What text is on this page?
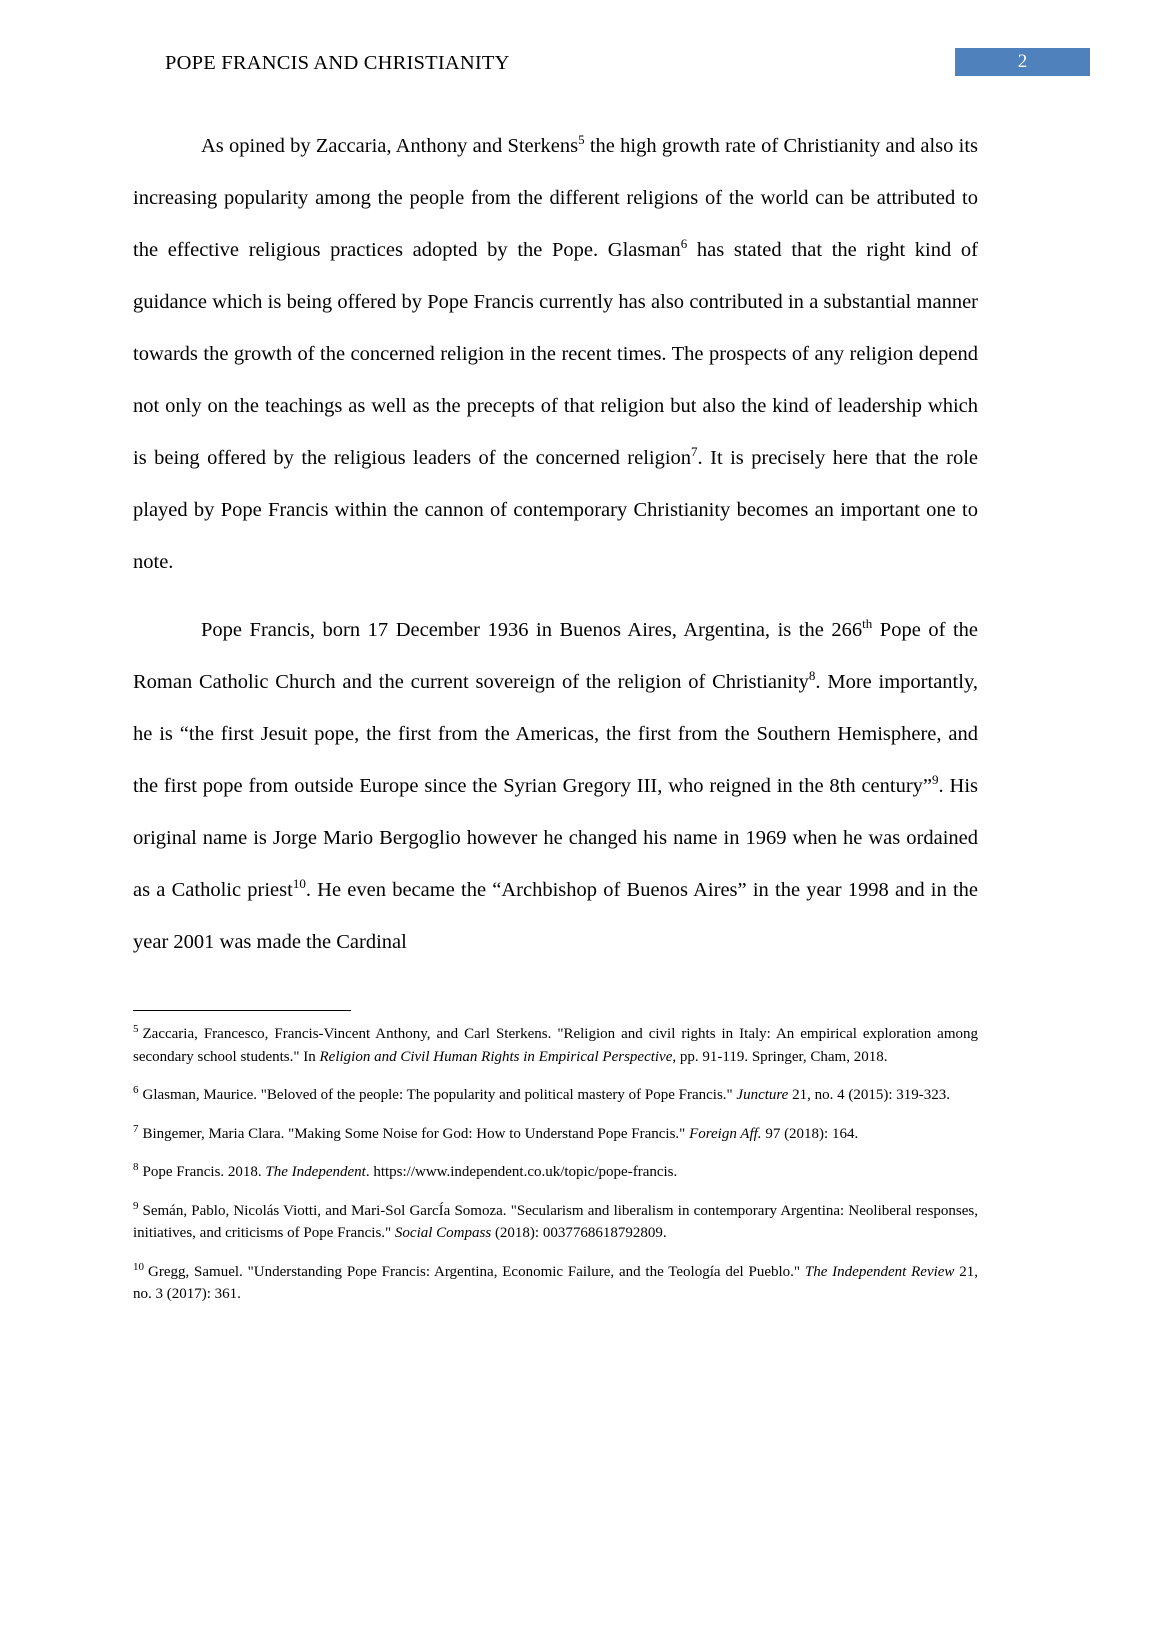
POPE FRANCIS AND CHRISTIANITY	2

As opined by Zaccaria, Anthony and Sterkens$^5$ the high growth rate of Christianity and also its increasing popularity among the people from the different religions of the world can be attributed to the effective religious practices adopted by the Pope. Glasman$^6$ has stated that the right kind of guidance which is being offered by Pope Francis currently has also contributed in a substantial manner towards the growth of the concerned religion in the recent times. The prospects of any religion depend not only on the teachings as well as the precepts of that religion but also the kind of leadership which is being offered by the religious leaders of the concerned religion$^7$. It is precisely here that the role played by Pope Francis within the cannon of contemporary Christianity becomes an important one to note.

Pope Francis, born 17 December 1936 in Buenos Aires, Argentina, is the 266th Pope of the Roman Catholic Church and the current sovereign of the religion of Christianity$^8$. More importantly, he is “the first Jesuit pope, the first from the Americas, the first from the Southern Hemisphere, and the first pope from outside Europe since the Syrian Gregory III, who reigned in the 8th century”$^9$. His original name is Jorge Mario Bergoglio however he changed his name in 1969 when he was ordained as a Catholic priest$^{10}$. He even became the “Archbishop of Buenos Aires” in the year 1998 and in the year 2001 was made the Cardinal

$^5$ Zaccaria, Francesco, Francis-Vincent Anthony, and Carl Sterkens. "Religion and civil rights in Italy: An empirical exploration among secondary school students." In Religion and Civil Human Rights in Empirical Perspective, pp. 91-119. Springer, Cham, 2018.
$^6$ Glasman, Maurice. "Beloved of the people: The popularity and political mastery of Pope Francis." Juncture 21, no. 4 (2015): 319-323.
$^7$ Bingemer, Maria Clara. "Making Some Noise for God: How to Understand Pope Francis." Foreign Aff. 97 (2018): 164.
$^8$ Pope Francis. 2018. The Independent. https://www.independent.co.uk/topic/pope-francis.
$^9$ Semán, Pablo, Nicolás Viotti, and Mari-Sol GarcÍa Somoza. "Secularism and liberalism in contemporary Argentina: Neoliberal responses, initiatives, and criticisms of Pope Francis." Social Compass (2018): 0037768618792809.
$^{10}$ Gregg, Samuel. "Understanding Pope Francis: Argentina, Economic Failure, and the Teología del Pueblo." The Independent Review 21, no. 3 (2017): 361.
